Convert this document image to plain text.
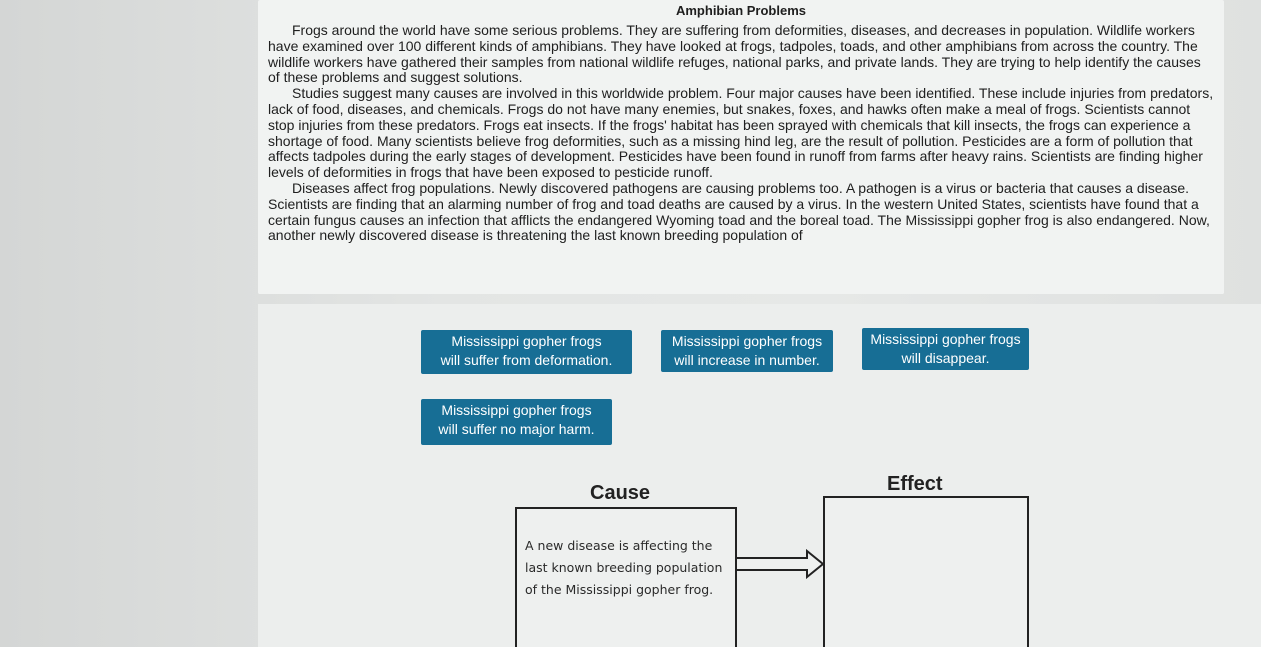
Amphibian Problems

Frogs around the world have some serious problems. They are suffering from deformities, diseases, and decreases in population. Wildlife workers have examined over 100 different kinds of amphibians. They have looked at frogs, tadpoles, toads, and other amphibians from across the country. The wildlife workers have gathered their samples from national wildlife refuges, national parks, and private lands. They are trying to help identify the causes of these problems and suggest solutions.

Studies suggest many causes are involved in this worldwide problem. Four major causes have been identified. These include injuries from predators, lack of food, diseases, and chemicals. Frogs do not have many enemies, but snakes, foxes, and hawks often make a meal of frogs. Scientists cannot stop injuries from these predators. Frogs eat insects. If the frogs' habitat has been sprayed with chemicals that kill insects, the frogs can experience a shortage of food. Many scientists believe frog deformities, such as a missing hind leg, are the result of pollution. Pesticides are a form of pollution that affects tadpoles during the early stages of development. Pesticides have been found in runoff from farms after heavy rains. Scientists are finding higher levels of deformities in frogs that have been exposed to pesticide runoff.

Diseases affect frog populations. Newly discovered pathogens are causing problems too. A pathogen is a virus or bacteria that causes a disease. Scientists are finding that an alarming number of frog and toad deaths are caused by a virus. In the western United States, scientists have found that a certain fungus causes an infection that afflicts the endangered Wyoming toad and the boreal toad. The Mississippi gopher frog is also endangered. Now, another newly discovered disease is threatening the last known breeding population of

Mississippi gopher frogs
will suffer from deformation.
Mississippi gopher frogs
will increase in number.
Mississippi gopher frogs
will disappear.
Mississippi gopher frogs
will suffer no major harm.
Cause	Effect
A new disease is affecting the last known breeding population of the Mississippi gopher frog.
